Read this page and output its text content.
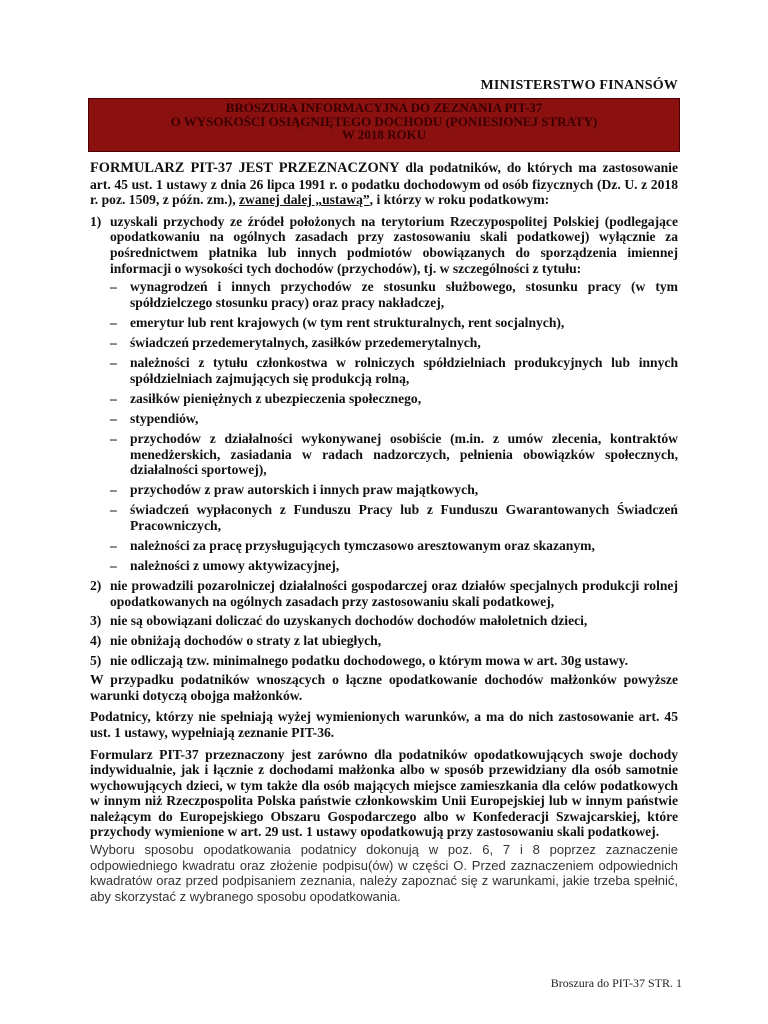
MINISTERSTWO FINANSÓW
BROSZURA INFORMACYJNA DO ZEZNANIA PIT-37
O WYSOKOŚCI OSIĄGNIĘTEGO DOCHODU (PONIESIONEJ STRATY)
W 2018 ROKU

FORMULARZ PIT-37 JEST PRZEZNACZONY dla podatników, do których ma zastosowanie art. 45 ust. 1 ustawy z dnia 26 lipca 1991 r. o podatku dochodowym od osób fizycznych (Dz. U. z 2018 r. poz. 1509, z późn. zm.), zwanej dalej „ustawą”, i którzy w roku podatkowym:

1) uzyskali przychody ze źródeł położonych na terytorium Rzeczypospolitej Polskiej (podlegające opodatkowaniu na ogólnych zasadach przy zastosowaniu skali podatkowej) wyłącznie za pośrednictwem płatnika lub innych podmiotów obowiązanych do sporządzenia imiennej informacji o wysokości tych dochodów (przychodów), tj. w szczególności z tytułu:
– wynagrodzeń i innych przychodów ze stosunku służbowego, stosunku pracy (w tym spółdzielczego stosunku pracy) oraz pracy nakładczej,
– emerytur lub rent krajowych (w tym rent strukturalnych, rent socjalnych),
– świadczeń przedemerytalnych, zasiłków przedemerytalnych,
– należności z tytułu członkostwa w rolniczych spółdzielniach produkcyjnych lub innych spółdzielniach zajmujących się produkcją rolną,
– zasiłków pieniężnych z ubezpieczenia społecznego,
– stypendiów,
– przychodów z działalności wykonywanej osobiście (m.in. z umów zlecenia, kontraktów menedżerskich, zasiadania w radach nadzorczych, pełnienia obowiązków społecznych, działalności sportowej),
– przychodów z praw autorskich i innych praw majątkowych,
– świadczeń wypłaconych z Funduszu Pracy lub z Funduszu Gwarantowanych Świadczeń Pracowniczych,
– należności za pracę przysługujących tymczasowo aresztowanym oraz skazanym,
– należności z umowy aktywizacyjnej,
2) nie prowadzili pozarolniczej działalności gospodarczej oraz działów specjalnych produkcji rolnej opodatkowanych na ogólnych zasadach przy zastosowaniu skali podatkowej,
3) nie są obowiązani doliczać do uzyskanych dochodów dochodów małoletnich dzieci,
4) nie obniżają dochodów o straty z lat ubiegłych,
5) nie odliczają tzw. minimalnego podatku dochodowego, o którym mowa w art. 30g ustawy.

W przypadku podatników wnoszących o łączne opodatkowanie dochodów małżonków powyższe warunki dotyczą obojga małżonków.

Podatnicy, którzy nie spełniają wyżej wymienionych warunków, a ma do nich zastosowanie art. 45 ust. 1 ustawy, wypełniają zeznanie PIT-36.

Formularz PIT-37 przeznaczony jest zarówno dla podatników opodatkowujących swoje dochody indywidualnie, jak i łącznie z dochodami małżonka albo w sposób przewidziany dla osób samotnie wychowujących dzieci, w tym także dla osób mających miejsce zamieszkania dla celów podatkowych w innym niż Rzeczpospolita Polska państwie członkowskim Unii Europejskiej lub w innym państwie należącym do Europejskiego Obszaru Gospodarczego albo w Konfederacji Szwajcarskiej, które przychody wymienione w art. 29 ust. 1 ustawy opodatkowują przy zastosowaniu skali podatkowej.

Wyboru sposobu opodatkowania podatnicy dokonują w poz. 6, 7 i 8 poprzez zaznaczenie odpowiedniego kwadratu oraz złożenie podpisu(ów) w części O. Przed zaznaczeniem odpowiednich kwadratów oraz przed podpisaniem zeznania, należy zapoznać się z warunkami, jakie trzeba spełnić, aby skorzystać z wybranego sposobu opodatkowania.

Broszura do PIT-37 STR. 1
